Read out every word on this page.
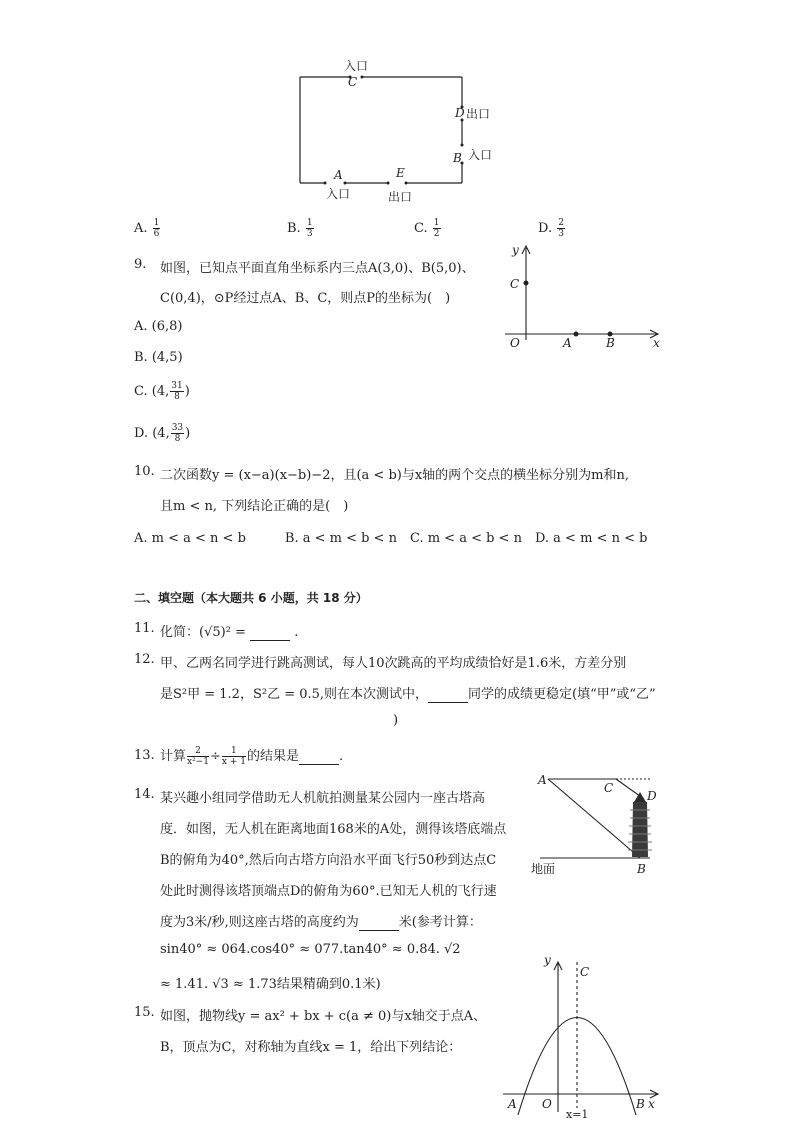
入口
C
D 出口
B 入口
A	E
入口	出口
A. $\frac{1}{6}$	B. $\frac{1}{3}$	C. $\frac{1}{2}$	D. $\frac{2}{3}$
9. 如图，已知点平面直角坐标系内三点A(3,0)、B(5,0)、
C(0,4)，⊙P经过点A、B、C，则点P的坐标为(　)
A. (6,8)
B. (4,5)
C. (4, $\frac{31}{8}$ )
D. (4, $\frac{33}{8}$ )
y
C
O	A	B	x
10. 二次函数y = (x−a)(x−b)−2，且(a < b)与x轴的两个交点的横坐标分别为m和n,
且m < n, 下列结论正确的是(　)
A. m < a < n < b　　　B. a < m < b < n　C. m < a < b < n　D. a < m < n < b
二、填空题（本大题共 6 小题，共 18 分）
11. 化简：(√5)² =	.
12. 甲、乙两名同学进行跳高测试，每人10次跳高的平均成绩恰好是1.6米，方差分别
是S²甲 = 1.2，S²乙 = 0.5,则在本次测试中，	同学的成绩更稳定(填“甲”或“乙”
)
13. 计算 $\frac{2}{\text{x²−1}} \div \frac{1}{x + 1}$ 的结果是	.
14. 某兴趣小组同学借助无人机航拍测量某公园内一座古塔高
度．如图，无人机在距离地面168米的A处，测得该塔底端点
B的俯角为40°,然后向古塔方向沿水平面飞行50秒到达点C
处此时测得该塔顶端点D的俯角为60°.已知无人机的飞行速
度为3米/秒,则这座古塔的高度约为	米(参考计算：
sin40° ≈ 064.cos40° ≈ 077.tan40° ≈ 0.84. √2
≈ 1.41. √3 ≈ 1.73结果精确到0.1米)
A
C
D
B
地面
15. 如图，抛物线y = ax² + bx + c(a ≠ 0)与x轴交于点A、
B，顶点为C，对称轴为直线x = 1，给出下列结论：
y
C
A O	B x
x=1
